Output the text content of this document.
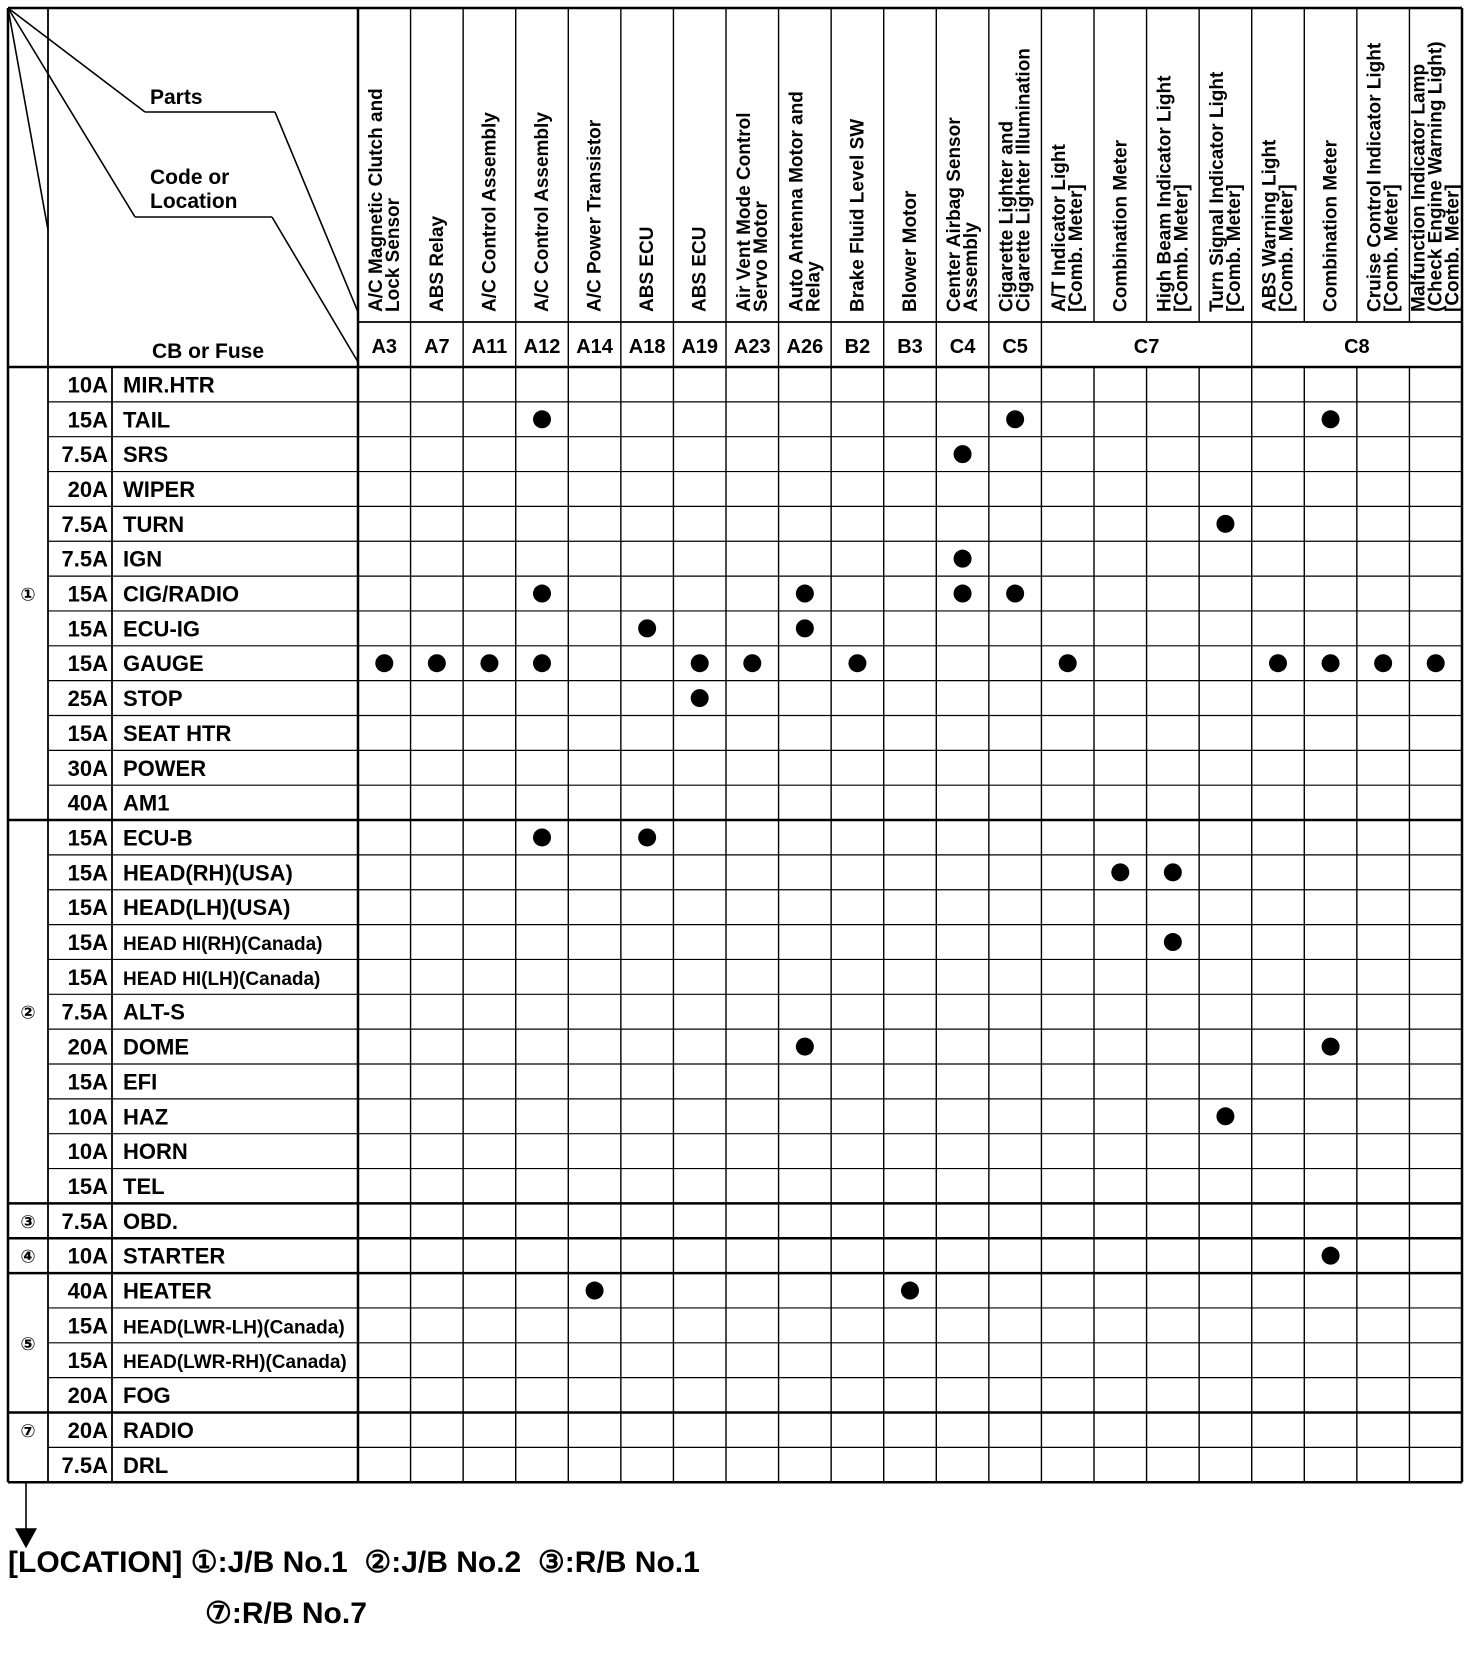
Parts
Code or
Location
CB or Fuse
A/C Magnetic Clutch and
Lock Sensor ABS Relay A/C Control Assembly A/C Control Assembly A/C Power Transistor ABS ECU ABS ECU Air Vent Mode Control
Servo Motor Auto Antenna Motor and
Relay Brake Fluid Level SW Blower Motor Center Airbag Sensor
Assembly Cigarette Lighter and
Cigarette Lighter Illumination A/T Indicator Light
[Comb. Meter] Combination Meter High Beam Indicator Light
[Comb. Meter] Turn Signal Indicator Light
[Comb. Meter] ABS Warning Light
[Comb. Meter] Combination Meter Cruise Control Indicator Light
[Comb. Meter] Malfunction Indicator Lamp
(Check Engine Warning Light)
[Comb. Meter]
A3 A7 A11 A12 A14 A18 A19 A23 A26 B2 B3 C4 C5	C7	C8
10A MIR.HTR
15A TAIL
7.5A SRS
20A WIPER
7.5A TURN
7.5A IGN
15A CIG/RADIO
15A ECU-IG
15A GAUGE
25A STOP
15A SEAT HTR
30A POWER
40A AM1
15A ECU-B
15A HEAD(RH)(USA)
15A HEAD(LH)(USA)
15A HEAD HI(RH)(Canada)
15A HEAD HI(LH)(Canada)
7.5A ALT-S
20A DOME
15A EFI
10A HAZ
10A HORN
15A TEL
7.5A OBD.
10A STARTER
40A HEATER
15A HEAD(LWR-LH)(Canada)
15A HEAD(LWR-RH)(Canada)
20A FOG
20A RADIO
7.5A DRL
①
②
③
④
⑤
⑦
[LOCATION] ①:J/B No.1  ②:J/B No.2  ③:R/B No.1
⑦:R/B No.7
